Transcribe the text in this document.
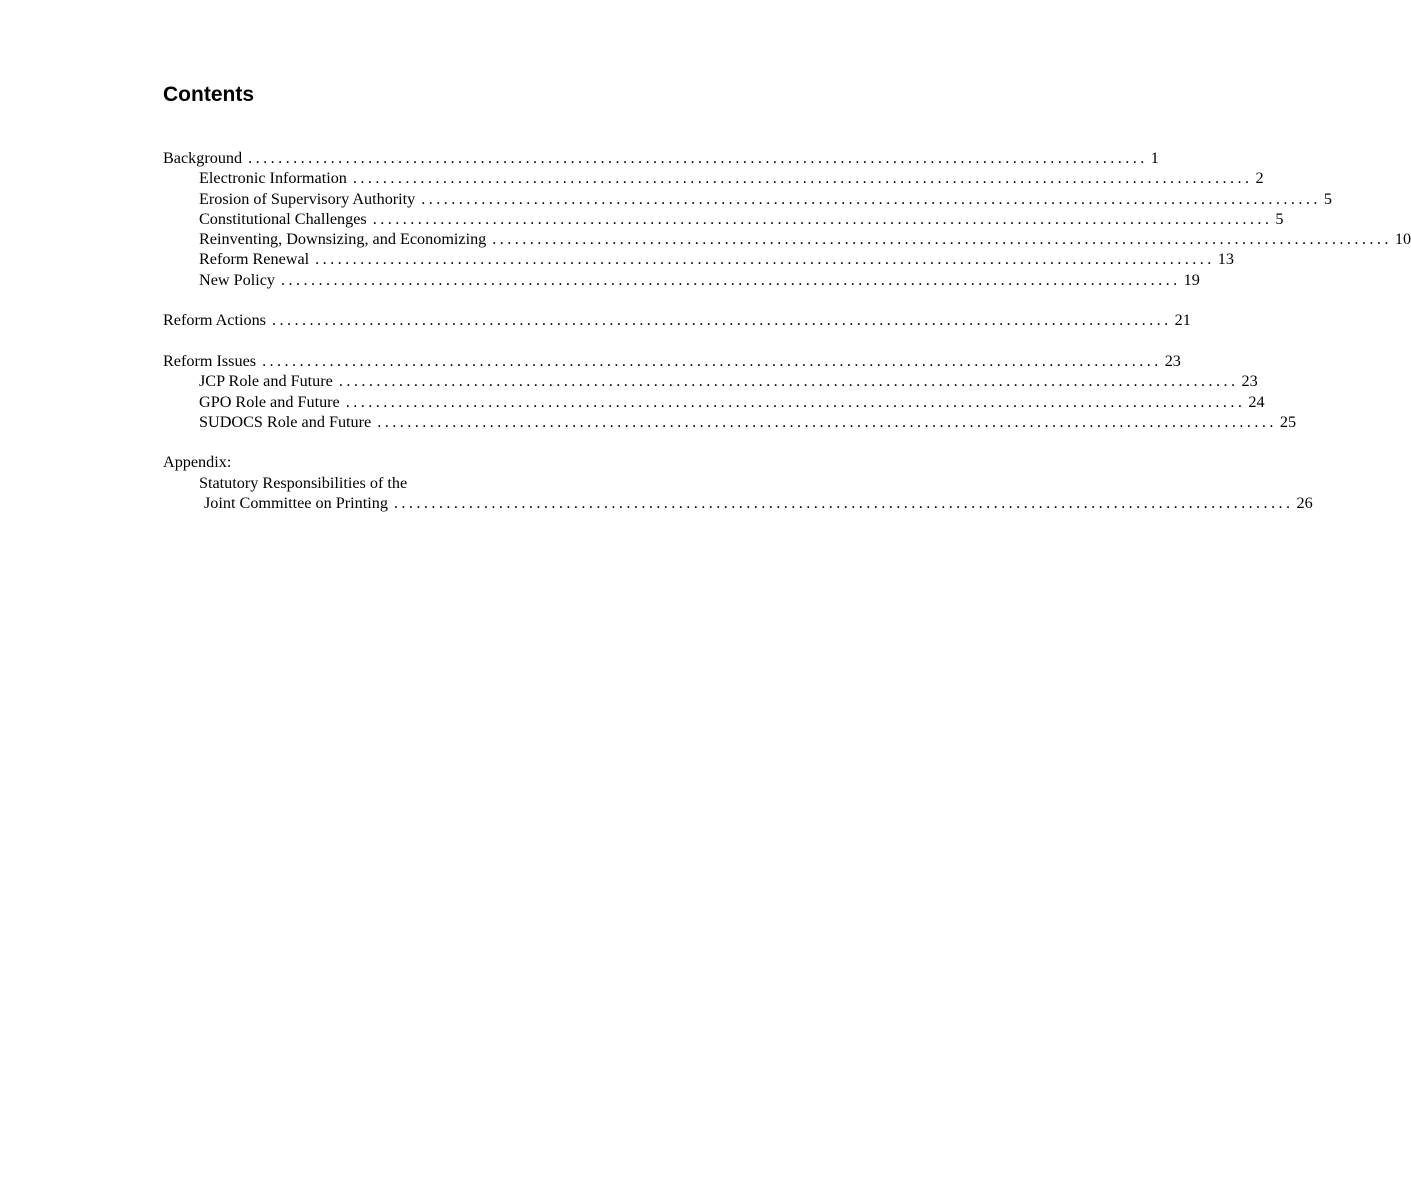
Contents
Background ........................................................................................................................ 1
Electronic Information ........................................................................................................................ 2
Erosion of Supervisory Authority ........................................................................................................................ 5
Constitutional Challenges ........................................................................................................................ 5
Reinventing, Downsizing, and Economizing ........................................................................................................................ 10
Reform Renewal ........................................................................................................................ 13
New Policy ........................................................................................................................ 19
Reform Actions ........................................................................................................................ 21
Reform Issues ........................................................................................................................ 23
JCP Role and Future ........................................................................................................................ 23
GPO Role and Future ........................................................................................................................ 24
SUDOCS Role and Future ........................................................................................................................ 25
Appendix:
Statutory Responsibilities of the
Joint Committee on Printing ........................................................................................................................ 26
